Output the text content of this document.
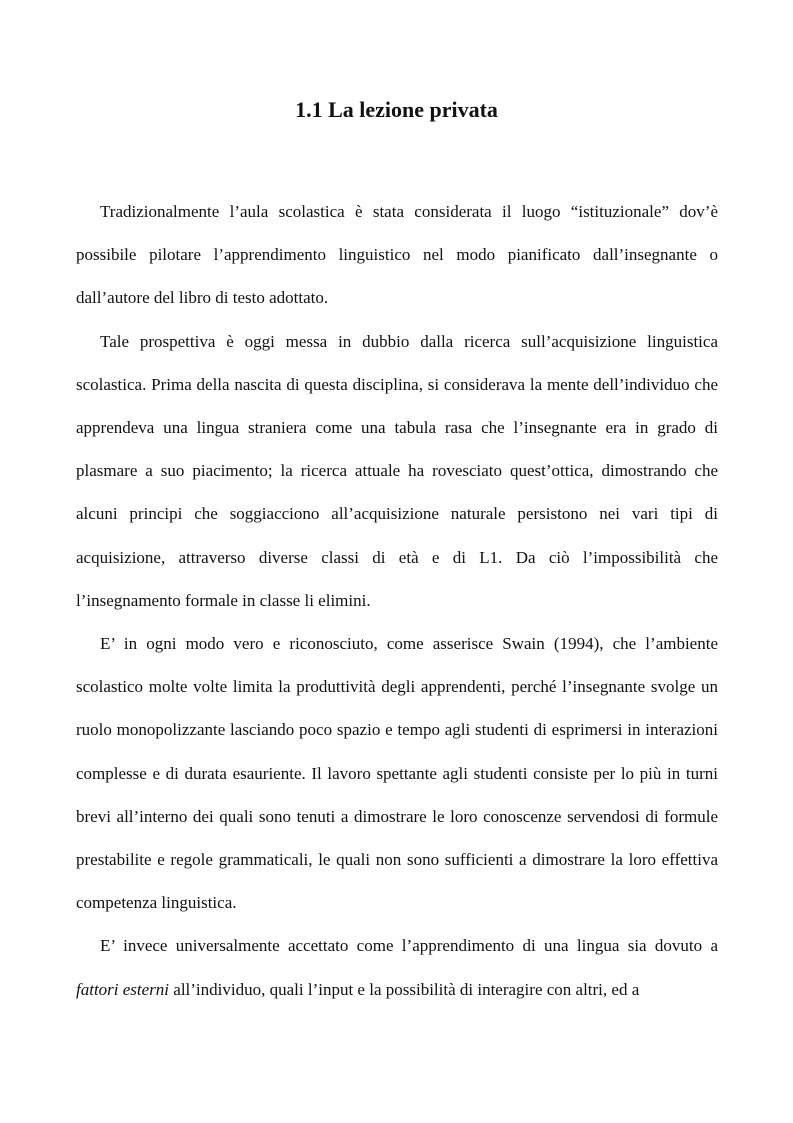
1.1 La lezione privata

Tradizionalmente l’aula scolastica è stata considerata il luogo “istituzionale” dov’è possibile pilotare l’apprendimento linguistico nel modo pianificato dall’insegnante o dall’autore del libro di testo adottato.

Tale prospettiva è oggi messa in dubbio dalla ricerca sull’acquisizione linguistica scolastica. Prima della nascita di questa disciplina, si considerava la mente dell’individuo che apprendeva una lingua straniera come una tabula rasa che l’insegnante era in grado di plasmare a suo piacimento; la ricerca attuale ha rovesciato quest’ottica, dimostrando che alcuni principi che soggiacciono all’acquisizione naturale persistono nei vari tipi di acquisizione, attraverso diverse classi di età e di L1. Da ciò l’impossibilità che l’insegnamento formale in classe li elimini.

E’ in ogni modo vero e riconosciuto, come asserisce Swain (1994), che l’ambiente scolastico molte volte limita la produttività degli apprendenti, perché l’insegnante svolge un ruolo monopolizzante lasciando poco spazio e tempo agli studenti di esprimersi in interazioni complesse e di durata esauriente. Il lavoro spettante agli studenti consiste per lo più in turni brevi all’interno dei quali sono tenuti a dimostrare le loro conoscenze servendosi di formule prestabilite e regole grammaticali, le quali non sono sufficienti a dimostrare la loro effettiva competenza linguistica.

E’ invece universalmente accettato come l’apprendimento di una lingua sia dovuto a fattori esterni all’individuo, quali l’input e la possibilità di interagire con altri, ed a
